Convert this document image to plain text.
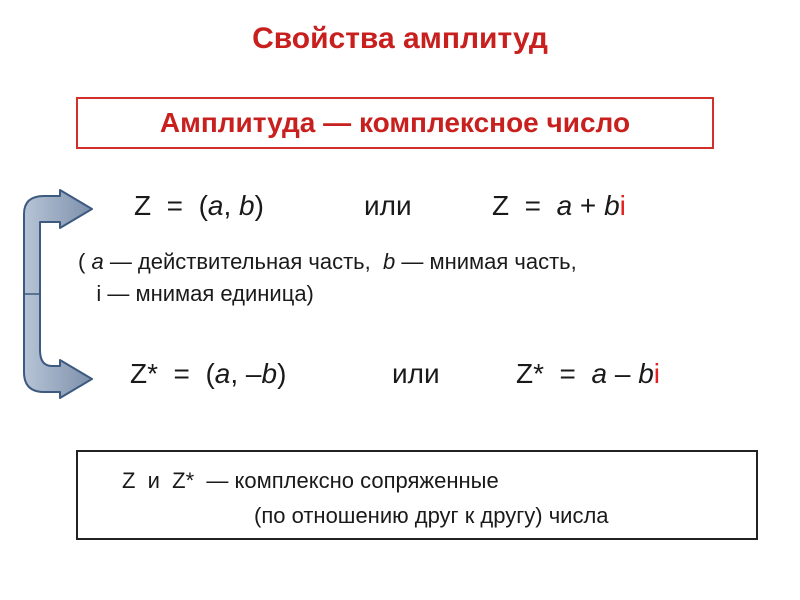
Свойства амплитуд
Амплитуда — комплексное число

Z  =  (a, b)

	или

	Z  =  a + bi

( a — действительная часть,  b — мнимая часть,
i — мнимая единица)

Z*  =  (a, –b)

	или

	Z*  =  a – bi

Z  и  Z*  — комплексно сопряженные
(по отношению друг к другу) числа
